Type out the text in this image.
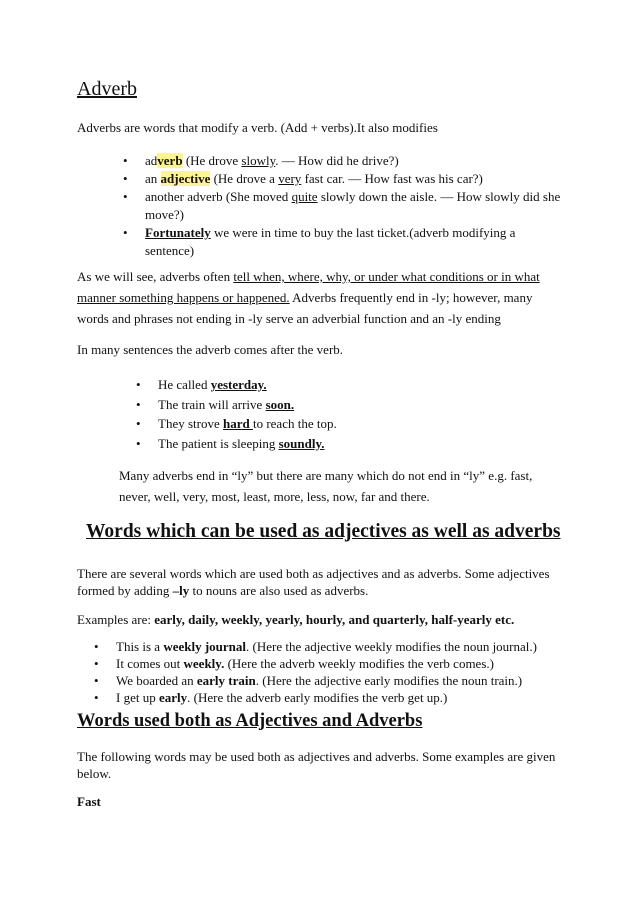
Adverb
Adverbs are words that modify a verb. (Add + verbs).It also modifies
• adverb (He drove slowly. — How did he drive?)
• an adjective (He drove a very fast car. — How fast was his car?)
• another adverb (She moved quite slowly down the aisle. — How slowly did she move?)
• Fortunately we were in time to buy the last ticket.(adverb modifying a sentence)
As we will see, adverbs often tell when, where, why, or under what conditions or in what manner something happens or happened. Adverbs frequently end in -ly; however, many words and phrases not ending in -ly serve an adverbial function and an -ly ending
In many sentences the adverb comes after the verb.
• He called yesterday.
• The train will arrive soon.
• They strove hard to reach the top.
• The patient is sleeping soundly.
Many adverbs end in “ly” but there are many which do not end in “ly” e.g. fast, never, well, very, most, least, more, less, now, far and there.
Words which can be used as adjectives as well as adverbs
There are several words which are used both as adjectives and as adverbs. Some adjectives formed by adding –ly to nouns are also used as adverbs.
Examples are: early, daily, weekly, yearly, hourly, and quarterly, half-yearly etc.
• This is a weekly journal. (Here the adjective weekly modifies the noun journal.)
• It comes out weekly. (Here the adverb weekly modifies the verb comes.)
• We boarded an early train. (Here the adjective early modifies the noun train.)
• I get up early. (Here the adverb early modifies the verb get up.)
Words used both as Adjectives and Adverbs
The following words may be used both as adjectives and adverbs. Some examples are given below.
Fast
